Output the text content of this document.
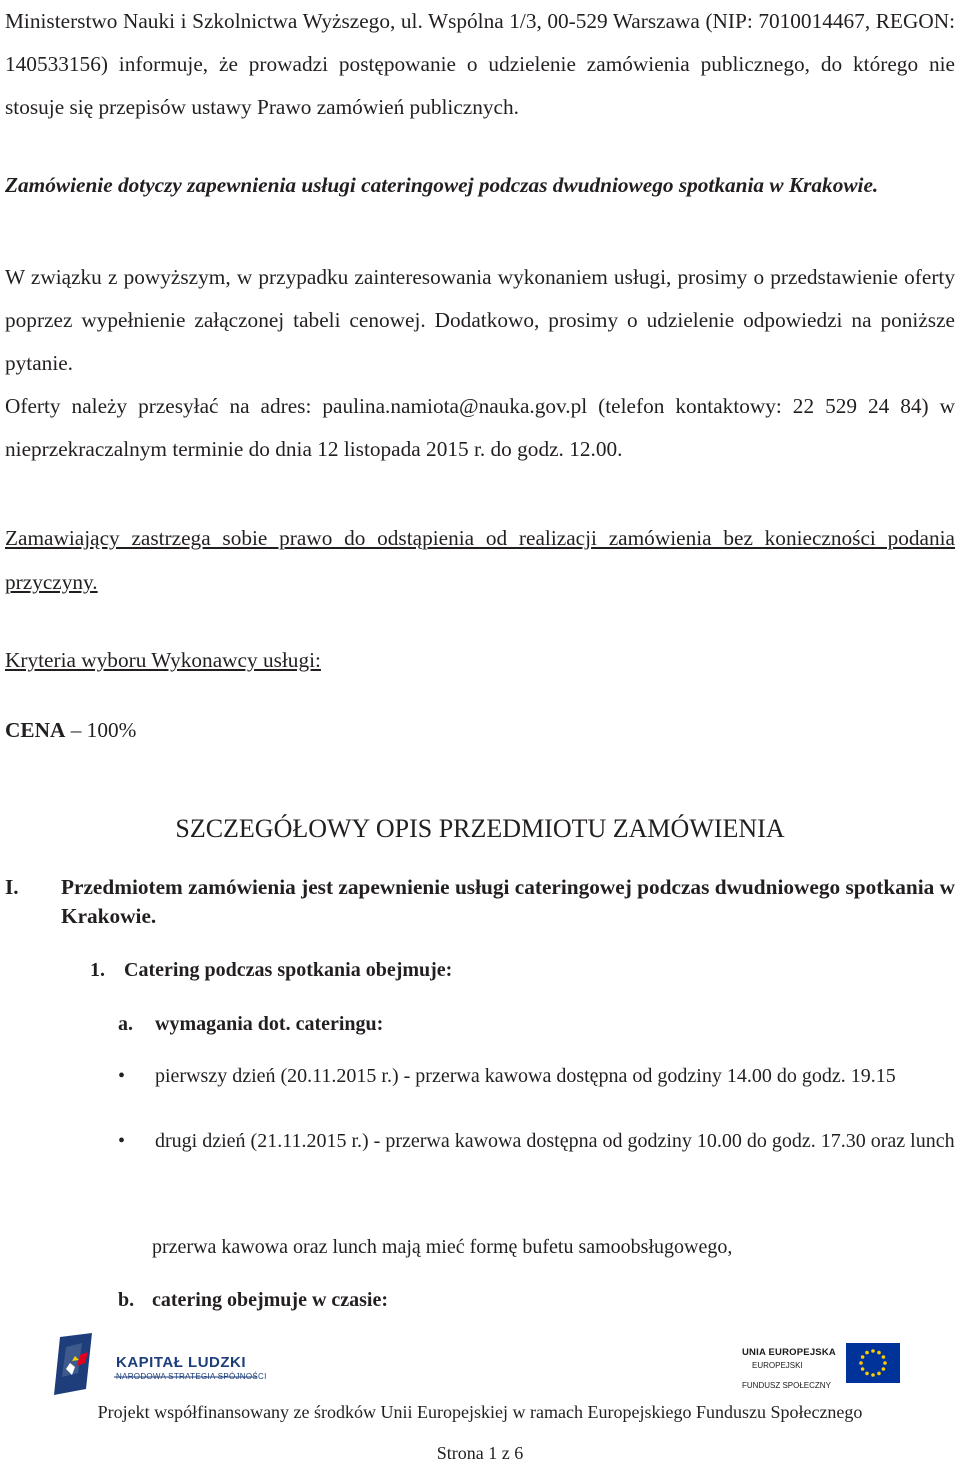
Ministerstwo Nauki i Szkolnictwa Wyższego, ul. Wspólna 1/3, 00-529 Warszawa (NIP: 7010014467, REGON: 140533156) informuje, że prowadzi postępowanie o udzielenie zamówienia publicznego, do którego nie stosuje się przepisów ustawy Prawo zamówień publicznych.
Zamówienie dotyczy zapewnienia usługi cateringowej podczas dwudniowego spotkania w Krakowie.
W związku z powyższym, w przypadku zainteresowania wykonaniem usługi, prosimy o przedstawienie oferty poprzez wypełnienie załączonej tabeli cenowej. Dodatkowo, prosimy o udzielenie odpowiedzi na poniższe pytanie.
Oferty należy przesyłać na adres: paulina.namiota@nauka.gov.pl (telefon kontaktowy: 22 529 24 84) w nieprzekraczalnym terminie do dnia 12 listopada 2015 r. do godz. 12.00.
Zamawiający zastrzega sobie prawo do odstąpienia od realizacji zamówienia bez konieczności podania przyczyny.
Kryteria wyboru Wykonawcy usługi:
CENA – 100%
SZCZEGÓŁOWY OPIS PRZEDMIOTU ZAMÓWIENIA
I. Przedmiotem zamówienia jest zapewnienie usługi cateringowej podczas dwudniowego spotkania w Krakowie.
1. Catering podczas spotkania obejmuje:
a. wymagania dot. cateringu:
• pierwszy dzień (20.11.2015 r.) - przerwa kawowa dostępna od godziny 14.00 do godz. 19.15
• drugi dzień (21.11.2015 r.) - przerwa kawowa dostępna od godziny 10.00 do godz. 17.30 oraz lunch
przerwa kawowa oraz lunch mają mieć formę bufetu samoobsługowego,
b. catering obejmuje w czasie:
KAPITAŁ LUDZKI
NARODOWA STRATEGIA SPÓJNOŚCI
UNIA EUROPEJSKA
EUROPEJSKI
FUNDUSZ SPOŁECZNY
Projekt współfinansowany ze środków Unii Europejskiej w ramach Europejskiego Funduszu Społecznego
Strona 1 z 6
